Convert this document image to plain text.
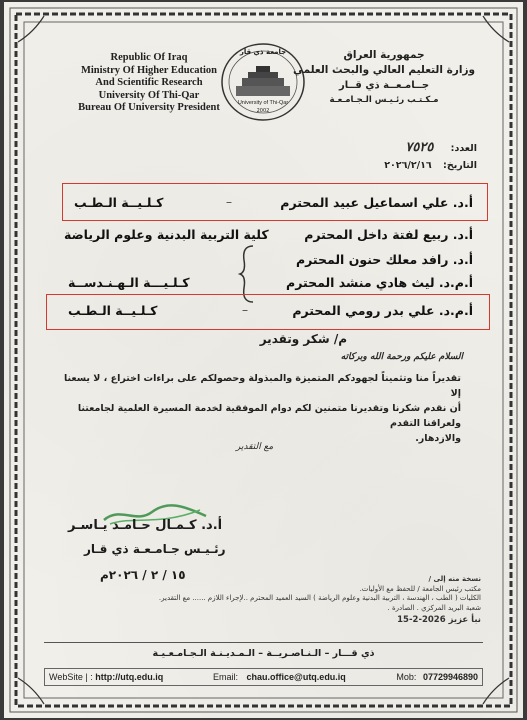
Republic Of Iraq
Ministry Of Higher Education
And Scientific Research
University Of Thi-Qar
Bureau Of University President
جامعة ذي قار
University of Thi-Qar
2002
جمهورية العراق
وزارة التعليم العالي والبحث العلمي
جــامـعــة ذي قــار
مـكـتـب رئـيـس الـجـامـعـة
العدد: ٧٥٢٥
التاريخ: ٢٠٢٦/٢/١٦
أ.د. علي اسماعيل عبيد المحترم
كـلـيــة الـطـب	–
أ.د. ربيع لفتة داخل المحترم
كلية التربية البدنية وعلوم الرياضة
أ.د. رافد معلك حنون المحترم
أ.م.د. ليث هادي منشد المحترم
كـلـيـــة الـهـنـدســة
أ.م.د. علي بدر رومي المحترم
كـلـيــة الـطـب	–
م/ شكر وتقدير
السلام عليكم ورحمة الله وبركاته
تقديراً منا وتثميناً لجهودكم المتميزة والمبذولة وحصولكم على براءات اختراع ، لا يسعنا إلا
أن نقدم شكرنا وتقديرنا متمنين لكم دوام الموفقية لخدمة المسيرة العلمية لجامعتنا ولعراقنا التقدم
والازدهار.
مع التقدير
أ.د. كـمـال حـامـد يـاسـر
رئـيـس جـامـعـة ذي قـار
١٥ / ٢ / ٢٠٢٦م	نسخة منه إلى /
مكتب رئيس الجامعة / للحفظ مع الأوليات.
الكليات ( الطب ، الهندسة ، التربية البدنية وعلوم الرياضة ) السيد العميد المحترم ..لإجراء اللازم ...... مع التقدير.
شعبة البريد المركزي . الصادرة .
نبأ عزيز 2026-2-15
ذي قـــار – الـنـاصـريــة – الـمـديـنـة الـجـامـعـيـة
WebSite | : http://utq.edu.iq	Email: chau.office@utq.edu.iq	Mob: 07729946890
